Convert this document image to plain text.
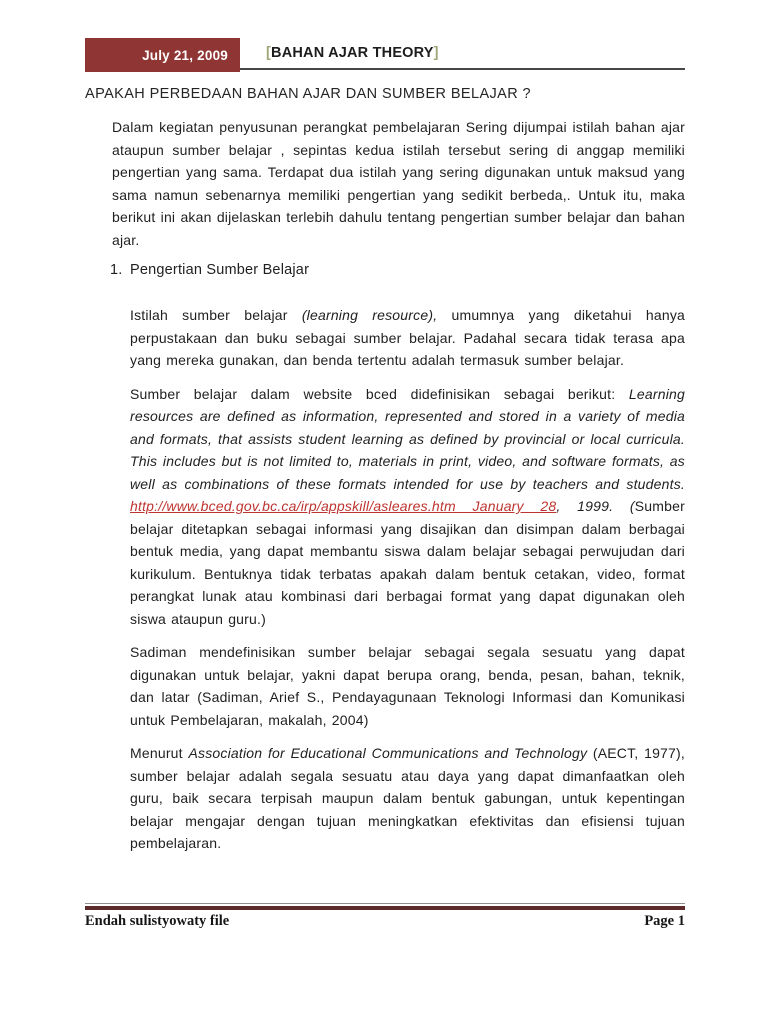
July 21, 2009	[BAHAN AJAR THEORY]
APAKAH PERBEDAAN BAHAN AJAR DAN SUMBER BELAJAR ?

Dalam kegiatan penyusunan perangkat pembelajaran Sering dijumpai istilah bahan ajar ataupun sumber belajar , sepintas kedua istilah tersebut sering di anggap memiliki pengertian yang sama. Terdapat dua istilah yang sering digunakan untuk maksud yang sama namun sebenarnya memiliki pengertian yang sedikit berbeda,. Untuk itu, maka berikut ini akan dijelaskan terlebih dahulu tentang pengertian sumber belajar dan bahan ajar.

1. Pengertian Sumber Belajar

Istilah sumber belajar (learning resource), umumnya yang diketahui hanya perpustakaan dan buku sebagai sumber belajar. Padahal secara tidak terasa apa yang mereka gunakan, dan benda tertentu adalah termasuk sumber belajar.

Sumber belajar dalam website bced didefinisikan sebagai berikut: Learning resources are defined as information, represented and stored in a variety of media and formats, that assists student learning as defined by provincial or local curricula. This includes but is not limited to, materials in print, video, and software formats, as well as combinations of these formats intended for use by teachers and students. http://www.bced.gov.bc.ca/irp/appskill/asleares.htm January 28, 1999. (Sumber belajar ditetapkan sebagai informasi yang disajikan dan disimpan dalam berbagai bentuk media, yang dapat membantu siswa dalam belajar sebagai perwujudan dari kurikulum. Bentuknya tidak terbatas apakah dalam bentuk cetakan, video, format perangkat lunak atau kombinasi dari berbagai format yang dapat digunakan oleh siswa ataupun guru.)

Sadiman mendefinisikan sumber belajar sebagai segala sesuatu yang dapat digunakan untuk belajar, yakni dapat berupa orang, benda, pesan, bahan, teknik, dan latar (Sadiman, Arief S., Pendayagunaan Teknologi Informasi dan Komunikasi untuk Pembelajaran, makalah, 2004)

Menurut Association for Educational Communications and Technology (AECT, 1977), sumber belajar adalah segala sesuatu atau daya yang dapat dimanfaatkan oleh guru, baik secara terpisah maupun dalam bentuk gabungan, untuk kepentingan belajar mengajar dengan tujuan meningkatkan efektivitas dan efisiensi tujuan pembelajaran.

Endah sulistyowaty file	Page 1
